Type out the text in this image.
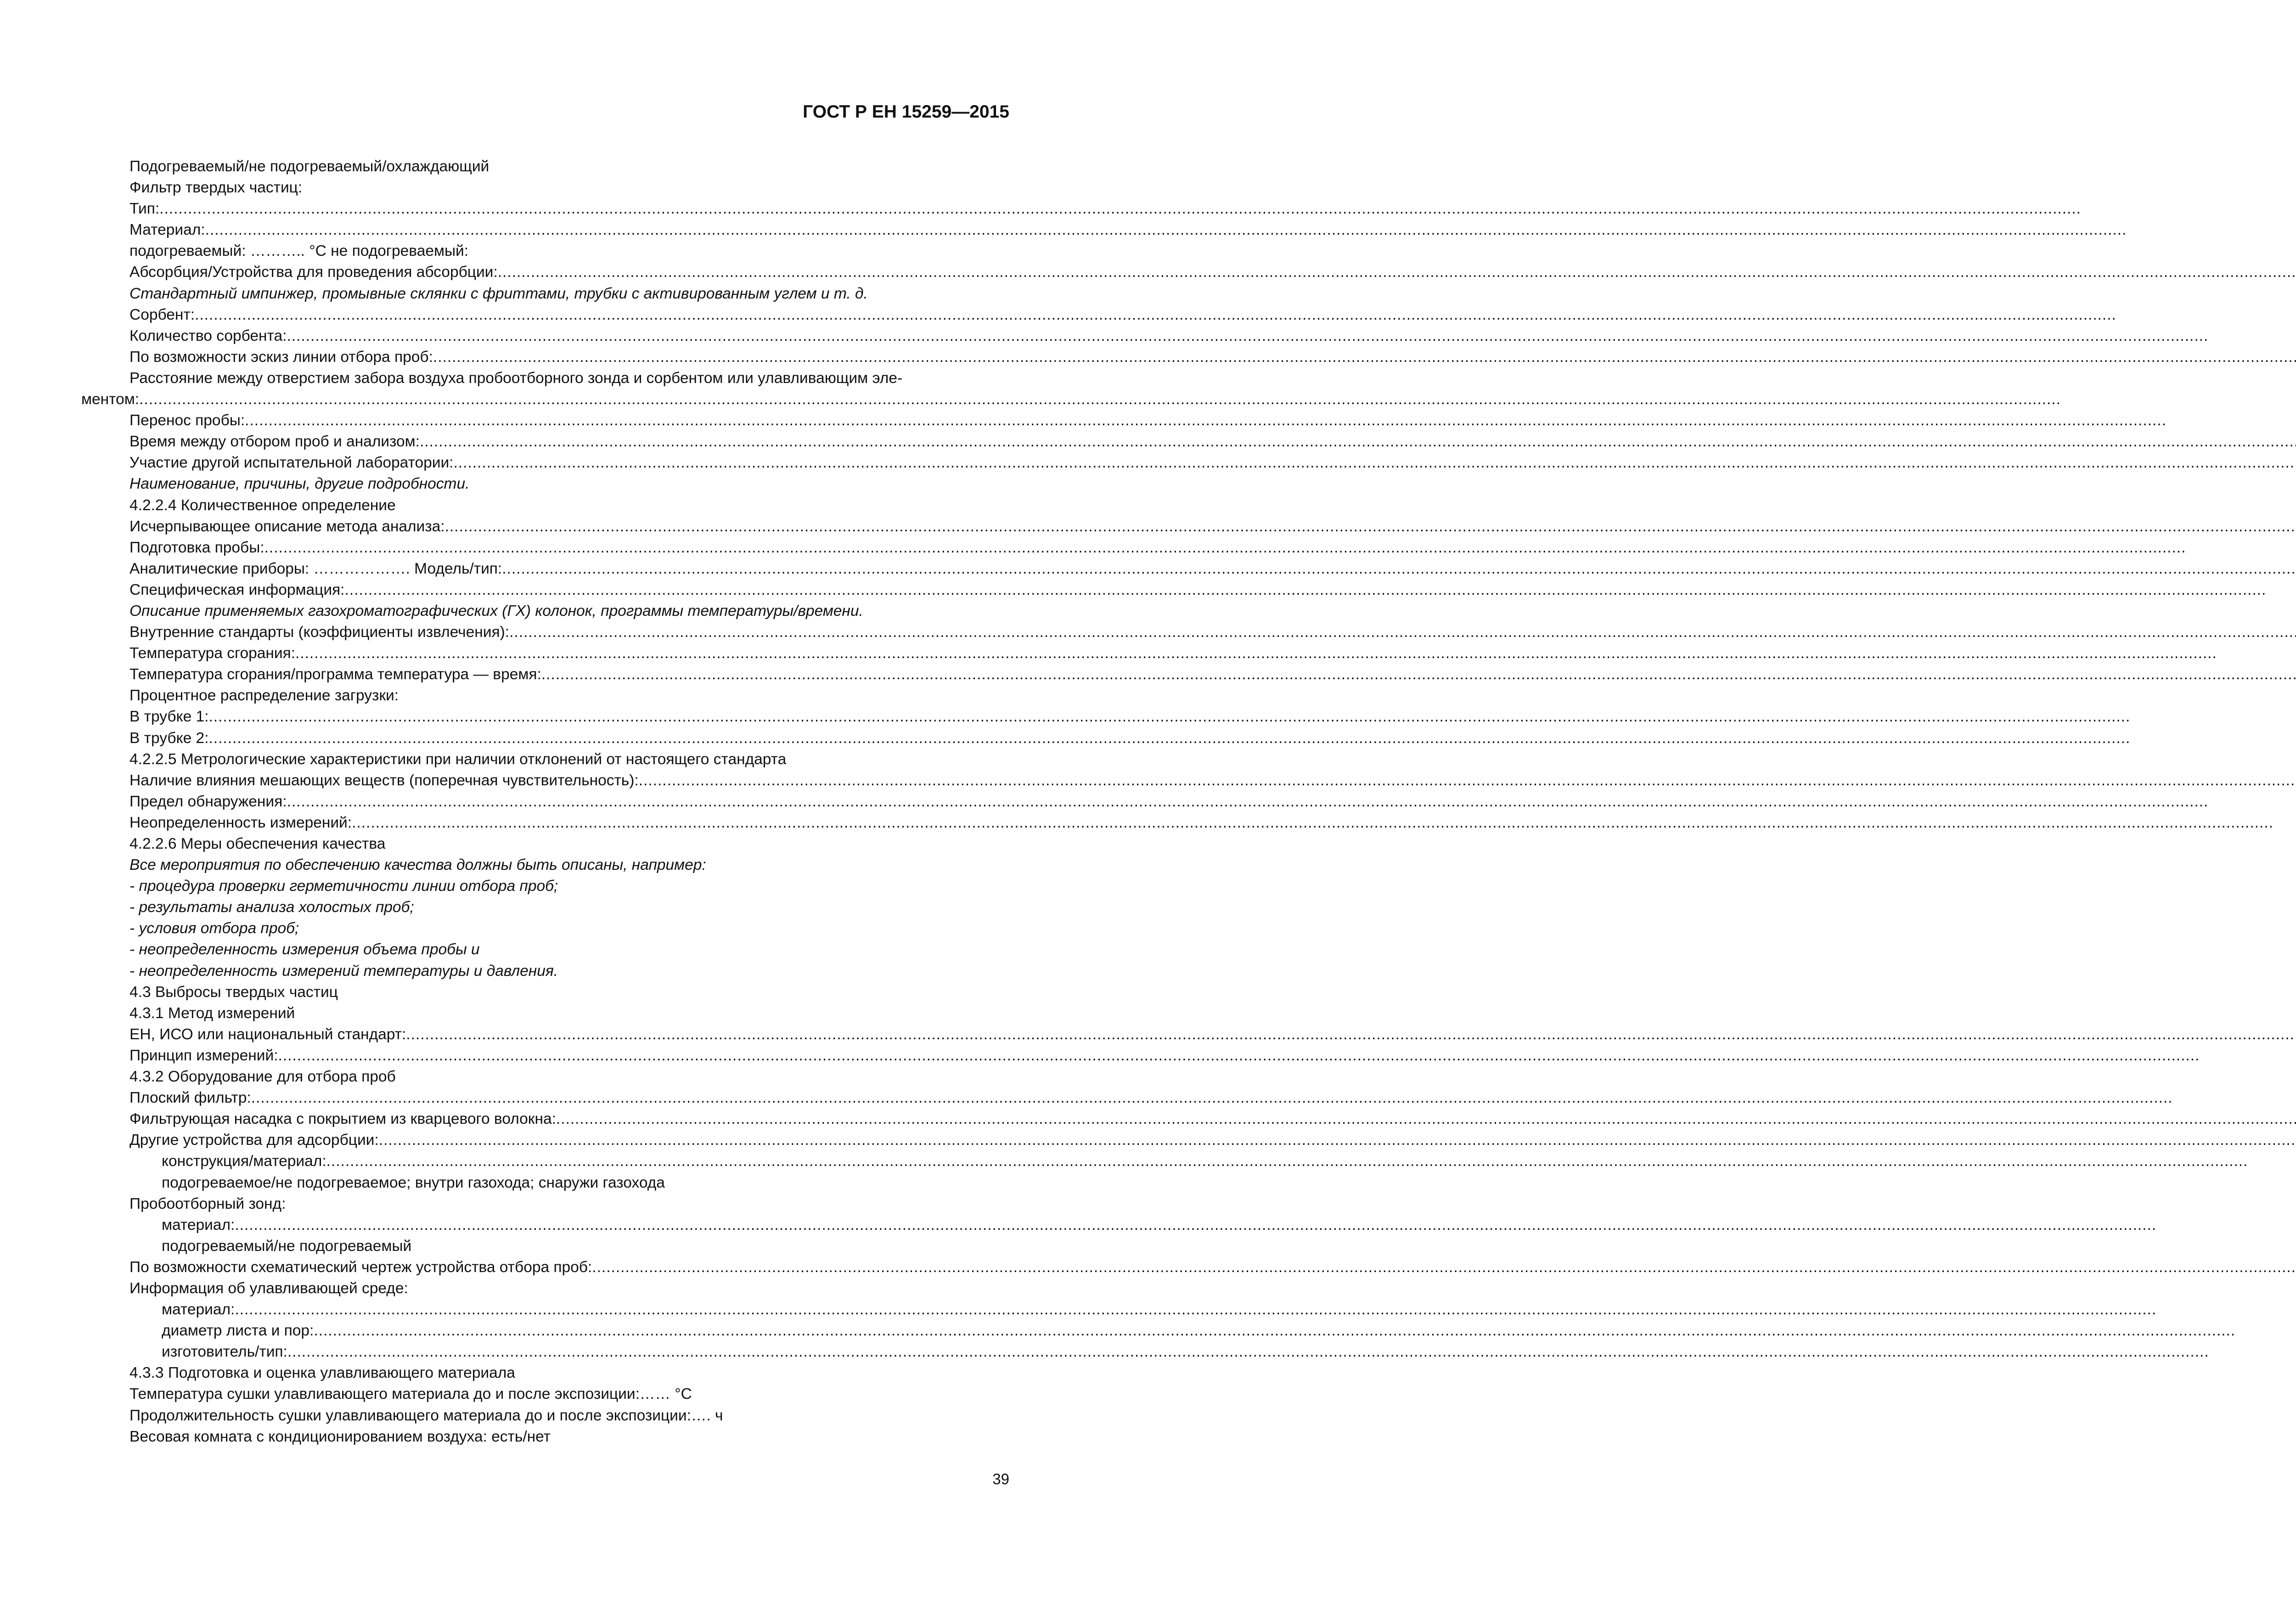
ГОСТ Р ЕН 15259—2015
Подогреваемый/не подогреваемый/охлаждающий
Фильтр твердых частиц:
Тип:
.....
Материал:
.....
подогреваемый: ……….. °С не подогреваемый:
Абсорбция/Устройства для проведения абсорбции:
.....
Стандартный импинжер, промывные склянки с фриттами, трубки с активированным углем и т. д.
Сорбент:
.....
Количество сорбента:
.....
По возможности эскиз линии отбора проб:
.....
Расстояние между отверстием забора воздуха пробоотборного зонда и сорбентом или улавливающим эле-
ментом:
.....
Перенос пробы:
.....
Время между отбором проб и анализом:
.....
Участие другой испытательной лаборатории:
.....
Наименование, причины, другие подробности.
4.2.2.4 Количественное определение
Исчерпывающее описание метода анализа:
.....
Подготовка пробы:
.....
Аналитические приборы: ………………. Модель/тип:
.....
Специфическая информация:
.....
Описание применяемых газохроматографических (ГХ) колонок, программы температуры/времени.
Внутренние стандарты (коэффициенты извлечения):
.....
Температура сгорания:
.....
Температура сгорания/программа температура — время:
.....
Процентное распределение загрузки:
В трубке 1:
.....
В трубке 2:
.....
4.2.2.5 Метрологические характеристики при наличии отклонений от настоящего стандарта
Наличие влияния мешающих веществ (поперечная чувствительность):
.....
Предел обнаружения:
.....
Неопределенность измерений:
.....
4.2.2.6 Меры обеспечения качества
Все мероприятия по обеспечению качества должны быть описаны, например:
- процедура проверки герметичности линии отбора проб;
- результаты анализа холостых проб;
- условия отбора проб;
- неопределенность измерения объема пробы и
- неопределенность измерений температуры и давления.
4.3 Выбросы твердых частиц
4.3.1 Метод измерений
ЕН, ИСО или национальный стандарт:
.....
Принцип измерений:
.....
4.3.2 Оборудование для отбора проб
Плоский фильтр:
.....
Фильтрующая насадка с покрытием из кварцевого волокна:
.....
Другие устройства для адсорбции:
.....
конструкция/материал:
.....
подогреваемое/не подогреваемое; внутри газохода; снаружи газохода
Пробоотборный зонд:
материал:
.....
подогреваемый/не подогреваемый
По возможности схематический чертеж устройства отбора проб:
.....
Информация об улавливающей среде:
материал:
.....
диаметр листа и пор:
.....
изготовитель/тип:
.....
4.3.3 Подготовка и оценка улавливающего материала
Температура сушки улавливающего материала до и после экспозиции:…… °С
Продолжительность сушки улавливающего материала до и после экспозиции:…. ч
Весовая комната с кондиционированием воздуха: есть/нет
39
